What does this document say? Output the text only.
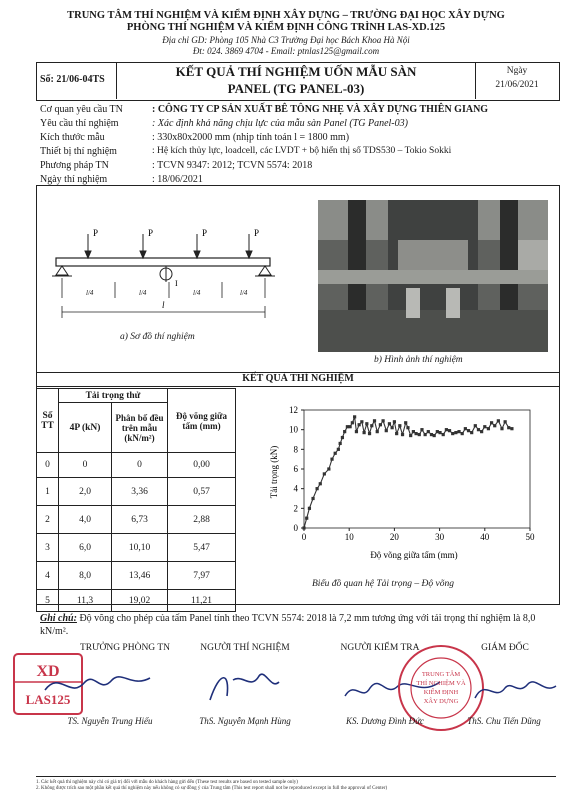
TRUNG TÂM THÍ NGHIỆM VÀ KIỂM ĐỊNH XÂY DỰNG – TRƯỜNG ĐẠI HỌC XÂY DỰNG
PHÒNG THÍ NGHIỆM VÀ KIỂM ĐỊNH CÔNG TRÌNH LAS-XD.125
Địa chỉ GD: Phòng 105 Nhà C3 Trường Đại học Bách Khoa Hà Nội
Đt: 024. 3869 4704 - Email: ptnlas125@gmail.com
Số: 21/06-04TS
KẾT QUẢ THÍ NGHIỆM UỐN MẪU SÀN
PANEL (TG PANEL-03)
Ngày
21/06/2021
Cơ quan yêu cầu TN	: CÔNG TY CP SẢN XUẤT BÊ TÔNG NHẸ VÀ XÂY DỰNG THIÊN GIANG
Yêu cầu thí nghiệm	: Xác định khả năng chịu lực của mẫu sàn Panel (TG Panel-03)
Kích thước mẫu	: 330x80x2000 mm (nhịp tính toán l = 1800 mm)
Thiết bị thí nghiệm	: Hệ kích thủy lực, loadcell, các LVDT + bộ hiển thị số TDS530 – Tokio Sokki
Phương pháp TN	: TCVN 9347: 2012; TCVN 5574: 2018
Ngày thí nghiệm	: 18/06/2021
P	P	P	P
I
l/4	l/4	l/4	l/4
l
a) Sơ đồ thí nghiệm
b) Hình ảnh thí nghiệm
KẾT QUẢ THÍ NGHIỆM
Số TT	Tải trọng thử		Độ võng giữa tấm (mm)
	4P (kN)	Phân bố đều trên mẫu (kN/m²)	
0	0	0	0,00
1	2,0	3,36	0,57
2	4,0	6,73	2,88
3	6,0	10,10	5,47
4	8,0	13,46	7,97
5	11,3	19,02	11,21
0	10	20	30	40	50
0
2
4
6
8
10
12
Tải trọng (kN)
Độ võng giữa tấm (mm)
Biểu đồ quan hệ Tải trọng – Độ võng
Ghi chú: Độ võng cho phép của tấm Panel tính theo TCVN 5574: 2018 là 7,2 mm tương ứng với tải trọng thí nghiệm là 8,0 kN/m².
TRƯỞNG PHÒNG TN	NGƯỜI THÍ NGHIỆM	NGƯỜI KIỂM TRA	GIÁM ĐỐC
XD
LAS125
TRUNG TÂM
THÍ NGHIỆM VÀ
KIỂM ĐỊNH
XÂY DỰNG
TS. Nguyễn Trung Hiếu	ThS. Nguyễn Mạnh Hùng	KS. Dương Đình Đức	ThS. Chu Tiến Dũng
1. Các kết quả thí nghiệm này chỉ có giá trị đối với mẫu do khách hàng gửi đến (These test results are based on tested sample only)
2. Không được trích sao một phần kết quả thí nghiệm này nếu không có sự đồng ý của Trung tâm (This test report shall not be reproduced except in full the approval of Center)
